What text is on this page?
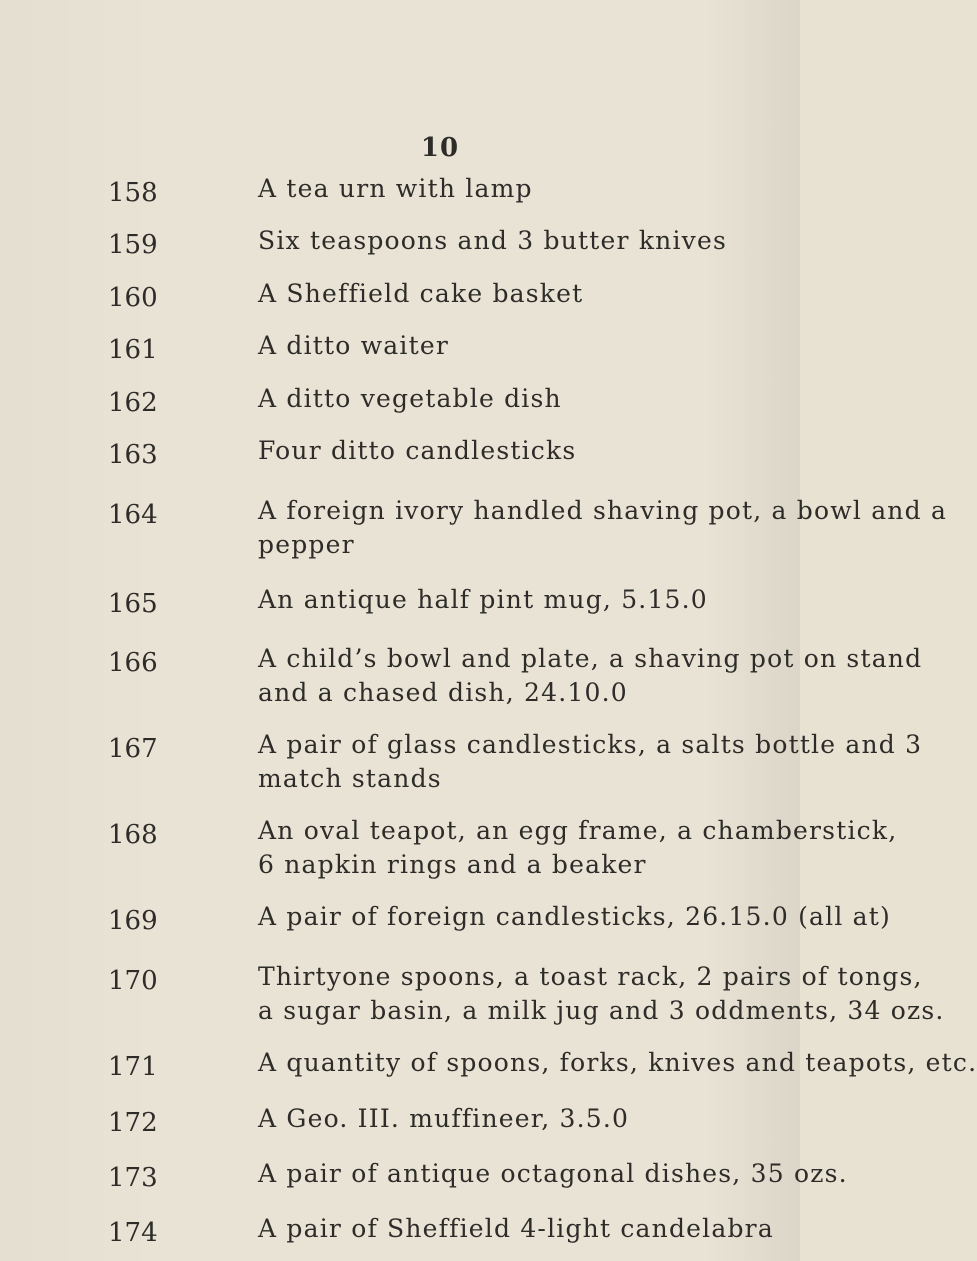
10
158	A tea urn with lamp
159	Six teaspoons and 3 butter knives
160	A Sheffield cake basket
161	A ditto waiter
162	A ditto vegetable dish
163	Four ditto candlesticks
164	A foreign ivory handled shaving pot, a bowl and a
pepper
165	An antique half pint mug, 5.15.0
166	A child’s bowl and plate, a shaving pot on stand
and a chased dish, 24.10.0
167	A pair of glass candlesticks, a salts bottle and 3
match stands
168	An oval teapot, an egg frame, a chamberstick,
6 napkin rings and a beaker
169	A pair of foreign candlesticks, 26.15.0 (all at)
170	Thirtyone spoons, a toast rack, 2 pairs of tongs,
a sugar basin, a milk jug and 3 oddments, 34 ozs.
171	A quantity of spoons, forks, knives and teapots, etc.
172	A Geo. III. muffineer, 3.5.0
173	A pair of antique octagonal dishes, 35 ozs.
174	A pair of Sheffield 4-light candelabra
